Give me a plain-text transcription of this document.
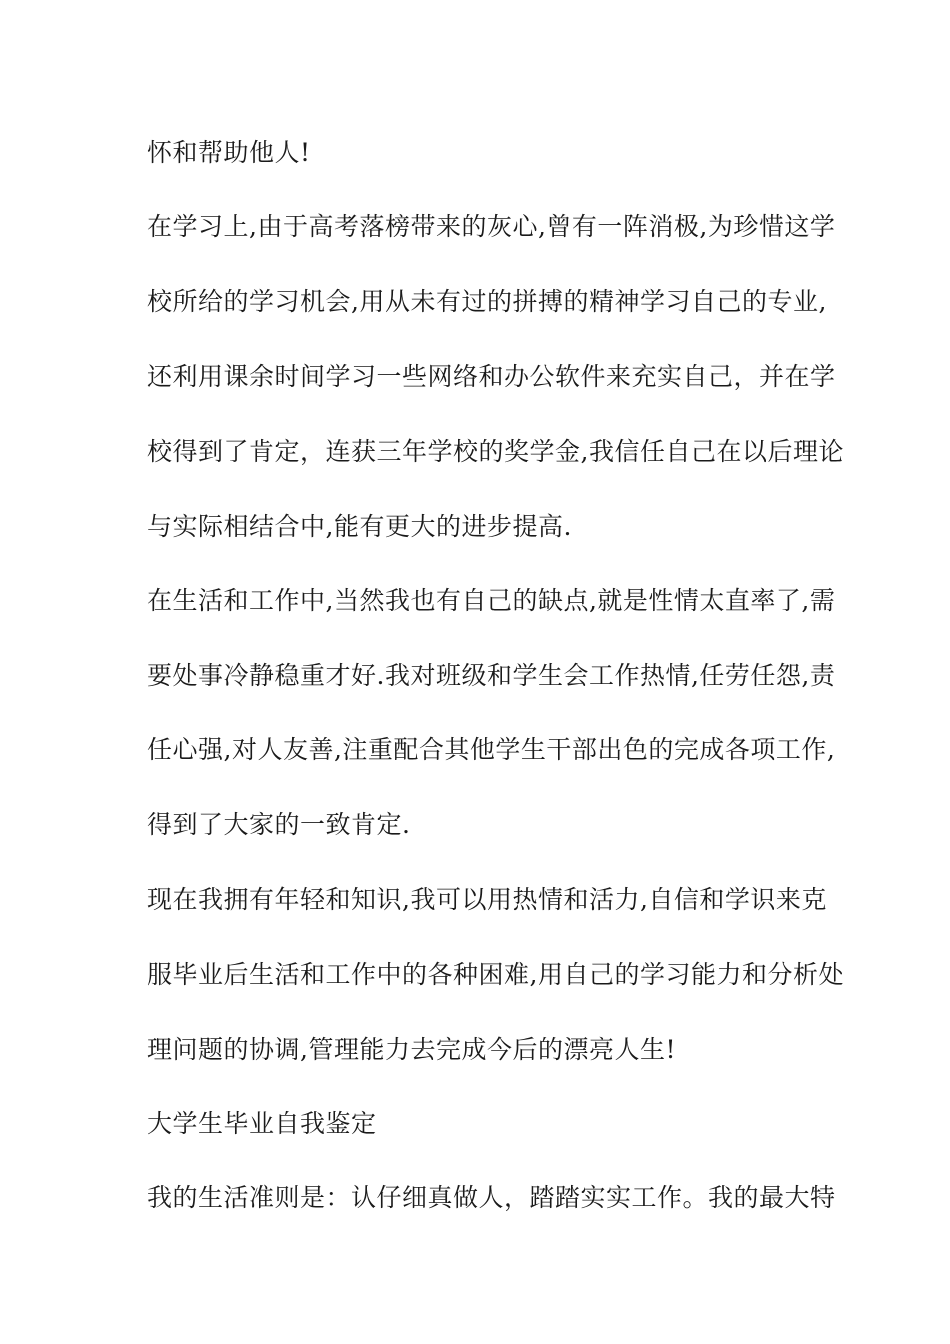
怀和帮助他人!
在学习上,由于高考落榜带来的灰心,曾有一阵消极,为珍惜这学
校所给的学习机会,用从未有过的拼搏的精神学习自己的专业,
还利用课余时间学习一些网络和办公软件来充实自己，并在学
校得到了肯定，连获三年学校的奖学金,我信任自己在以后理论
与实际相结合中,能有更大的进步提高.
在生活和工作中,当然我也有自己的缺点,就是性情太直率了,需
要处事冷静稳重才好.我对班级和学生会工作热情,任劳任怨,责
任心强,对人友善,注重配合其他学生干部出色的完成各项工作,
得到了大家的一致肯定.
现在我拥有年轻和知识,我可以用热情和活力,自信和学识来克
服毕业后生活和工作中的各种困难,用自己的学习能力和分析处
理问题的协调,管理能力去完成今后的漂亮人生!
大学生毕业自我鉴定
我的生活准则是：认仔细真做人，踏踏实实工作。我的最大特
